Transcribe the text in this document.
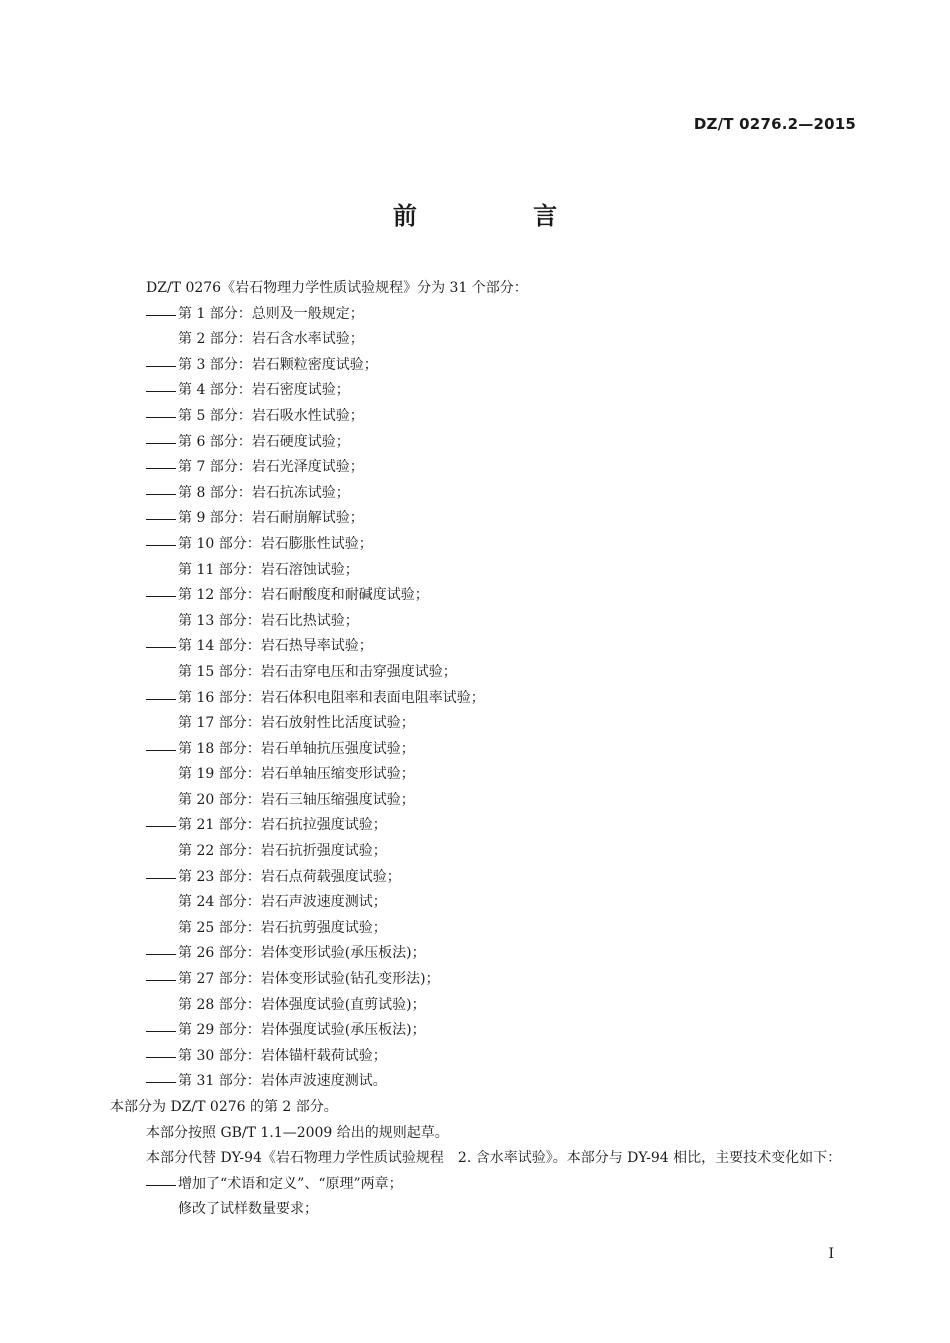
DZ/T 0276.2—2015
前 言
DZ/T 0276《岩石物理力学性质试验规程》分为 31 个部分：
第 1 部分：总则及一般规定；
第 2 部分：岩石含水率试验；
第 3 部分：岩石颗粒密度试验；
第 4 部分：岩石密度试验；
第 5 部分：岩石吸水性试验；
第 6 部分：岩石硬度试验；
第 7 部分：岩石光泽度试验；
第 8 部分：岩石抗冻试验；
第 9 部分：岩石耐崩解试验；
第 10 部分：岩石膨胀性试验；
第 11 部分：岩石溶蚀试验；
第 12 部分：岩石耐酸度和耐碱度试验；
第 13 部分：岩石比热试验；
第 14 部分：岩石热导率试验；
第 15 部分：岩石击穿电压和击穿强度试验；
第 16 部分：岩石体积电阻率和表面电阻率试验；
第 17 部分：岩石放射性比活度试验；
第 18 部分：岩石单轴抗压强度试验；
第 19 部分：岩石单轴压缩变形试验；
第 20 部分：岩石三轴压缩强度试验；
第 21 部分：岩石抗拉强度试验；
第 22 部分：岩石抗折强度试验；
第 23 部分：岩石点荷载强度试验；
第 24 部分：岩石声波速度测试；
第 25 部分：岩石抗剪强度试验；
第 26 部分：岩体变形试验(承压板法)；
第 27 部分：岩体变形试验(钻孔变形法)；
第 28 部分：岩体强度试验(直剪试验)；
第 29 部分：岩体强度试验(承压板法)；
第 30 部分：岩体锚杆载荷试验；
第 31 部分：岩体声波速度测试。
本部分为 DZ/T 0276 的第 2 部分。
本部分按照 GB/T 1.1—2009 给出的规则起草。
本部分代替 DY-94《岩石物理力学性质试验规程　2. 含水率试验》。本部分与 DY-94 相比，主要技术变化如下：
增加了“术语和定义”、“原理”两章；
修改了试样数量要求；
I
